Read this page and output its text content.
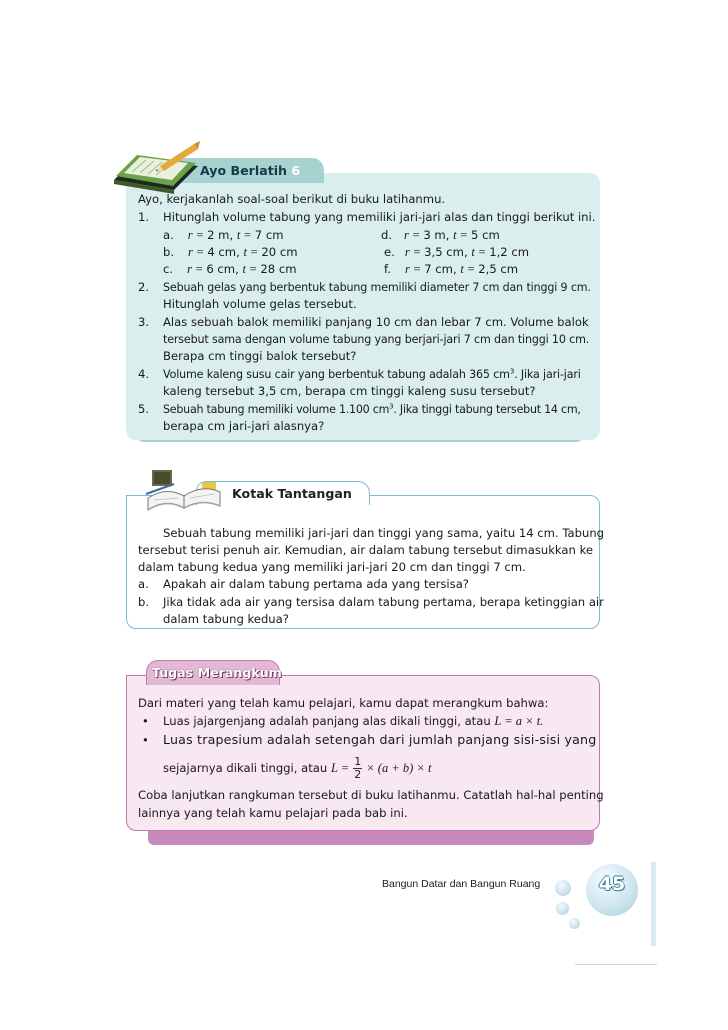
Ayo Berlatih 6
Ayo, kerjakanlah soal-soal berikut di buku latihanmu.
1. Hitunglah volume tabung yang memiliki jari-jari alas dan tinggi berikut ini.
a. r = 2 m, t = 7 cm
b. r = 4 cm, t = 20 cm
c. r = 6 cm, t = 28 cm
d. r = 3 m, t = 5 cm
e. r = 3,5 cm, t = 1,2 cm
f. r = 7 cm, t = 2,5 cm
2. Sebuah gelas yang berbentuk tabung memiliki diameter 7 cm dan tinggi 9 cm.
Hitunglah volume gelas tersebut.
3. Alas sebuah balok memiliki panjang 10 cm dan lebar 7 cm. Volume balok
tersebut sama dengan volume tabung yang berjari-jari 7 cm dan tinggi 10 cm.
Berapa cm tinggi balok tersebut?
4. Volume kaleng susu cair yang berbentuk tabung adalah 365 $cm^3$. Jika jari-jari
kaleng tersebut 3,5 cm, berapa cm tinggi kaleng susu tersebut?
5. Sebuah tabung memiliki volume 1.100 $cm^3$. Jika tinggi tabung tersebut 14 cm,
berapa cm jari-jari alasnya?
Kotak Tantangan
Sebuah tabung memiliki jari-jari dan tinggi yang sama, yaitu 14 cm. Tabung
tersebut terisi penuh air. Kemudian, air dalam tabung tersebut dimasukkan ke
dalam tabung kedua yang memiliki jari-jari 20 cm dan tinggi 7 cm.
a. Apakah air dalam tabung pertama ada yang tersisa?
b. Jika tidak ada air yang tersisa dalam tabung pertama, berapa ketinggian air
dalam tabung kedua?
Tugas Merangkum
Dari materi yang telah kamu pelajari, kamu dapat merangkum bahwa:
• Luas jajargenjang adalah panjang alas dikali tinggi, atau L = a × t.
• Luas trapesium adalah setengah dari jumlah panjang sisi-sisi yang
sejajarnya dikali tinggi, atau $L = \frac{1}{2} \times (a + b) \times t$
Coba lanjutkan rangkuman tersebut di buku latihanmu. Catatlah hal-hal penting
lainnya yang telah kamu pelajari pada bab ini.
Bangun Datar dan Bangun Ruang	45
